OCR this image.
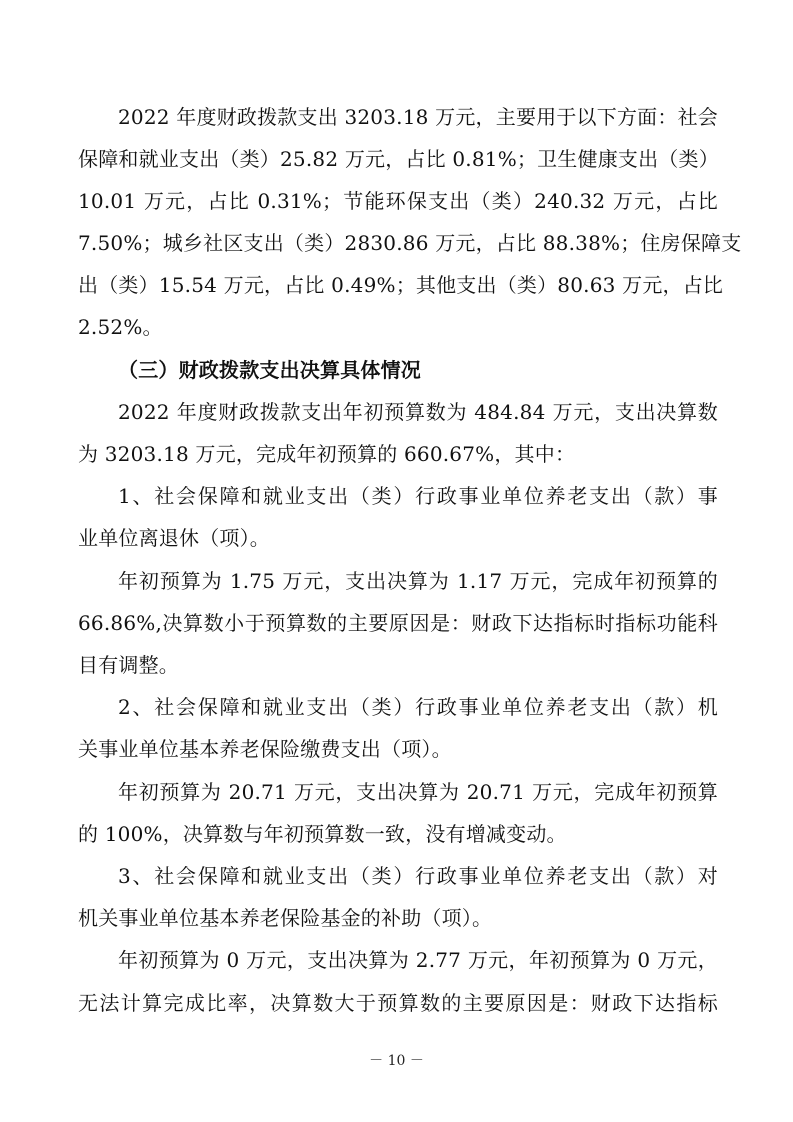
2022 年度财政拨款支出 3203.18 万元，主要用于以下方面：社会
保障和就业支出（类）25.82 万元，占比 0.81%；卫生健康支出（类）
10.01 万元，占比 0.31%；节能环保支出（类）240.32 万元，占比
7.50%；城乡社区支出（类）2830.86 万元，占比 88.38%；住房保障支
出（类）15.54 万元，占比 0.49%；其他支出（类）80.63 万元，占比
2.52%。
（三）财政拨款支出决算具体情况
2022 年度财政拨款支出年初预算数为 484.84 万元，支出决算数
为 3203.18 万元，完成年初预算的 660.67%，其中：
1、社会保障和就业支出（类）行政事业单位养老支出（款）事
业单位离退休（项）。
年初预算为 1.75 万元，支出决算为 1.17 万元，完成年初预算的
66.86%,决算数小于预算数的主要原因是：财政下达指标时指标功能科
目有调整。
2、社会保障和就业支出（类）行政事业单位养老支出（款）机
关事业单位基本养老保险缴费支出（项）。
年初预算为 20.71 万元，支出决算为 20.71 万元，完成年初预算
的 100%，决算数与年初预算数一致，没有增减变动。
3、社会保障和就业支出（类）行政事业单位养老支出（款）对
机关事业单位基本养老保险基金的补助（项）。
年初预算为 0 万元，支出决算为 2.77 万元，年初预算为 0 万元，
无法计算完成比率，决算数大于预算数的主要原因是：财政下达指标
－ 10 －
